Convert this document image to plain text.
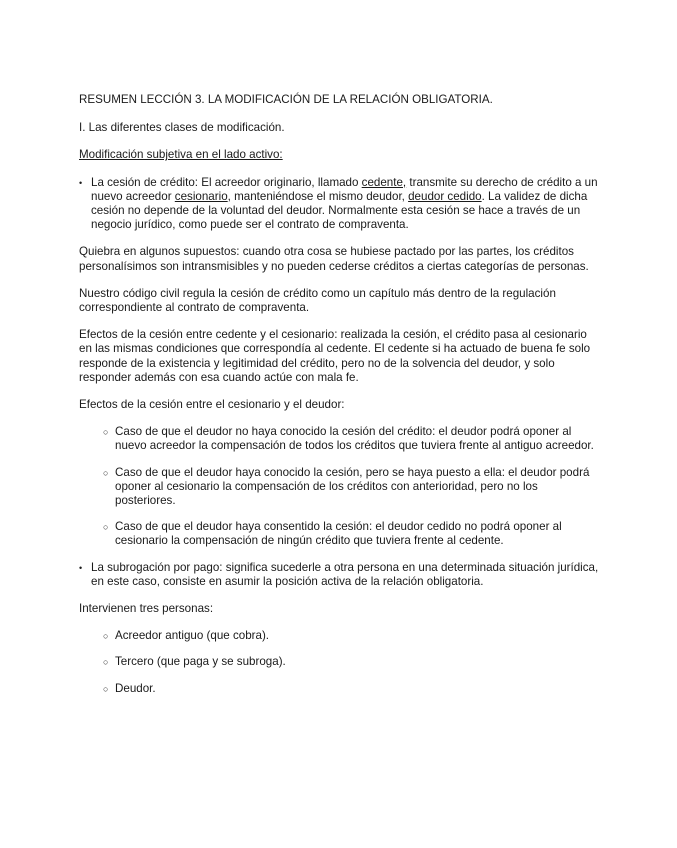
RESUMEN LECCIÓN 3. LA MODIFICACIÓN DE LA RELACIÓN OBLIGATORIA.

I. Las diferentes clases de modificación.

Modificación subjetiva en el lado activo:

• La cesión de crédito: El acreedor originario, llamado cedente, transmite su derecho de crédito a un nuevo acreedor cesionario, manteniéndose el mismo deudor, deudor cedido. La validez de dicha cesión no depende de la voluntad del deudor. Normalmente esta cesión se hace a través de un negocio jurídico, como puede ser el contrato de compraventa.

Quiebra en algunos supuestos: cuando otra cosa se hubiese pactado por las partes, los créditos personalísimos son intransmisibles y no pueden cederse créditos a ciertas categorías de personas.

Nuestro código civil regula la cesión de crédito como un capítulo más dentro de la regulación correspondiente al contrato de compraventa.

Efectos de la cesión entre cedente y el cesionario: realizada la cesión, el crédito pasa al cesionario en las mismas condiciones que correspondía al cedente. El cedente si ha actuado de buena fe solo responde de la existencia y legitimidad del crédito, pero no de la solvencia del deudor, y solo responder además con esa cuando actúe con mala fe.

Efectos de la cesión entre el cesionario y el deudor:

○ Caso de que el deudor no haya conocido la cesión del crédito: el deudor podrá oponer al nuevo acreedor la compensación de todos los créditos que tuviera frente al antiguo acreedor.
○ Caso de que el deudor haya conocido la cesión, pero se haya puesto a ella: el deudor podrá oponer al cesionario la compensación de los créditos con anterioridad, pero no los posteriores.
○ Caso de que el deudor haya consentido la cesión: el deudor cedido no podrá oponer al cesionario la compensación de ningún crédito que tuviera frente al cedente.
• La subrogación por pago: significa sucederle a otra persona en una determinada situación jurídica, en este caso, consiste en asumir la posición activa de la relación obligatoria.

Intervienen tres personas:

○ Acreedor antiguo (que cobra).
○ Tercero (que paga y se subroga).
○ Deudor.
